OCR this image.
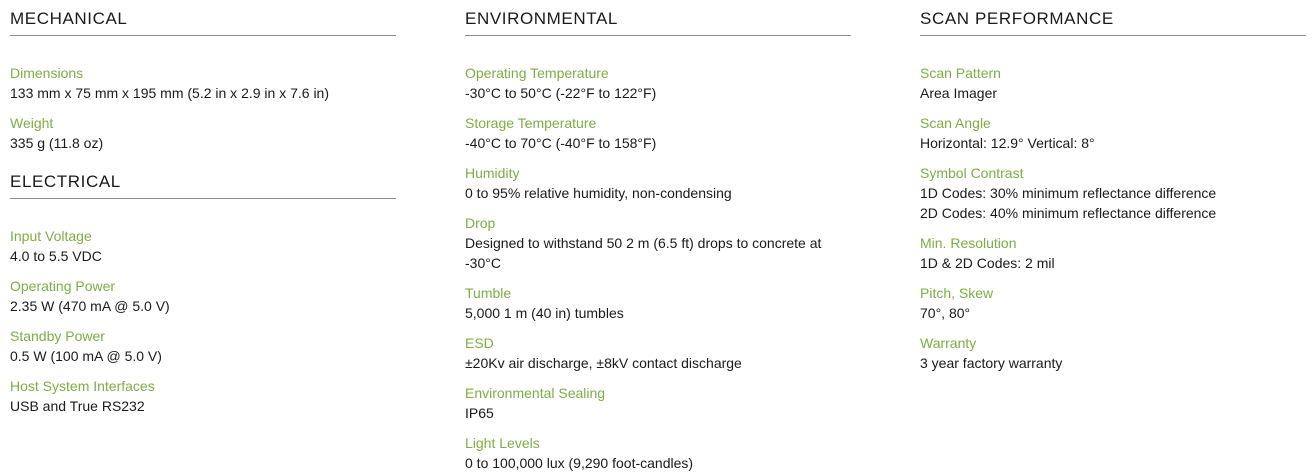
MECHANICAL
Dimensions
133 mm x 75 mm x 195 mm (5.2 in x 2.9 in x 7.6 in)
Weight
335 g (11.8 oz)
ELECTRICAL
Input Voltage
4.0 to 5.5 VDC
Operating Power
2.35 W (470 mA @ 5.0 V)
Standby Power
0.5 W (100 mA @ 5.0 V)
Host System Interfaces
USB and True RS232
ENVIRONMENTAL
Operating Temperature
-30°C to 50°C (-22°F to 122°F)
Storage Temperature
-40°C to 70°C (-40°F to 158°F)
Humidity
0 to 95% relative humidity, non-condensing
Drop
Designed to withstand 50 2 m (6.5 ft) drops to concrete at -30°C
Tumble
5,000 1 m (40 in) tumbles
ESD
±20Kv air discharge, ±8kV contact discharge
Environmental Sealing
IP65
Light Levels
0 to 100,000 lux (9,290 foot-candles)
SCAN PERFORMANCE
Scan Pattern
Area Imager
Scan Angle
Horizontal: 12.9° Vertical: 8°
Symbol Contrast
1D Codes: 30% minimum reflectance difference
2D Codes: 40% minimum reflectance difference
Min. Resolution
1D & 2D Codes: 2 mil
Pitch, Skew
70°, 80°
Warranty
3 year factory warranty
